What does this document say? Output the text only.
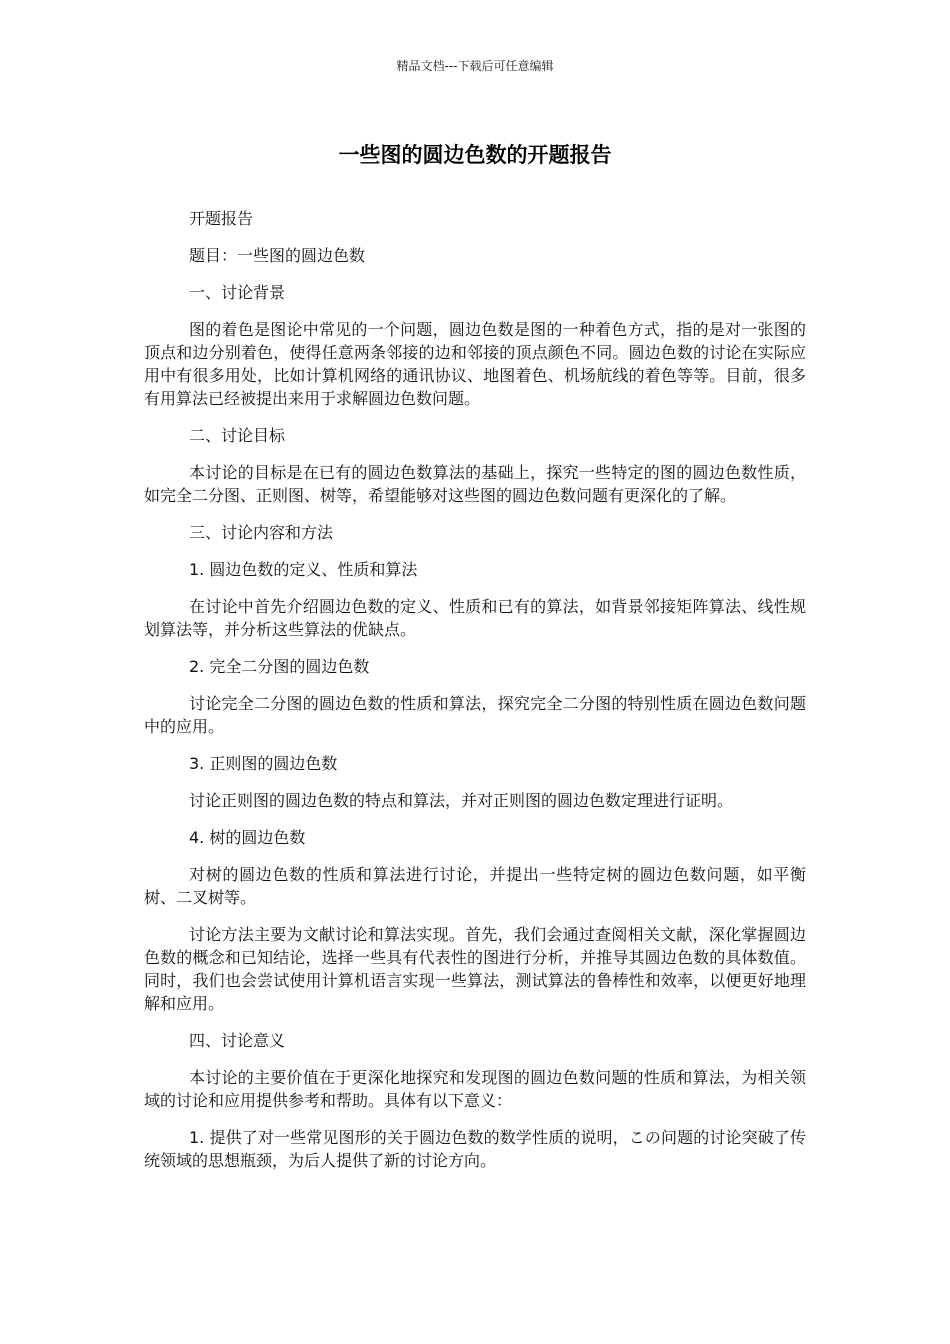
精品文档---下载后可任意编辑
一些图的圆边色数的开题报告

开题报告

题目：一些图的圆边色数

一、讨论背景

图的着色是图论中常见的一个问题，圆边色数是图的一种着色方式，指的是对一张图的顶点和边分别着色，使得任意两条邻接的边和邻接的顶点颜色不同。圆边色数的讨论在实际应用中有很多用处，比如计算机网络的通讯协议、地图着色、机场航线的着色等等。目前，很多有用算法已经被提出来用于求解圆边色数问题。

二、讨论目标

本讨论的目标是在已有的圆边色数算法的基础上，探究一些特定的图的圆边色数性质，如完全二分图、正则图、树等，希望能够对这些图的圆边色数问题有更深化的了解。

三、讨论内容和方法

1. 圆边色数的定义、性质和算法

在讨论中首先介绍圆边色数的定义、性质和已有的算法，如背景邻接矩阵算法、线性规划算法等，并分析这些算法的优缺点。

2. 完全二分图的圆边色数

讨论完全二分图的圆边色数的性质和算法，探究完全二分图的特别性质在圆边色数问题中的应用。

3. 正则图的圆边色数

讨论正则图的圆边色数的特点和算法，并对正则图的圆边色数定理进行证明。

4. 树的圆边色数

对树的圆边色数的性质和算法进行讨论，并提出一些特定树的圆边色数问题，如平衡树、二叉树等。

讨论方法主要为文献讨论和算法实现。首先，我们会通过查阅相关文献，深化掌握圆边色数的概念和已知结论，选择一些具有代表性的图进行分析，并推导其圆边色数的具体数值。同时，我们也会尝试使用计算机语言实现一些算法，测试算法的鲁棒性和效率，以便更好地理解和应用。

四、讨论意义

本讨论的主要价值在于更深化地探究和发现图的圆边色数问题的性质和算法，为相关领域的讨论和应用提供参考和帮助。具体有以下意义：

1. 提供了对一些常见图形的关于圆边色数的数学性质的说明，この问题的讨论突破了传统领域的思想瓶颈，为后人提供了新的讨论方向。
